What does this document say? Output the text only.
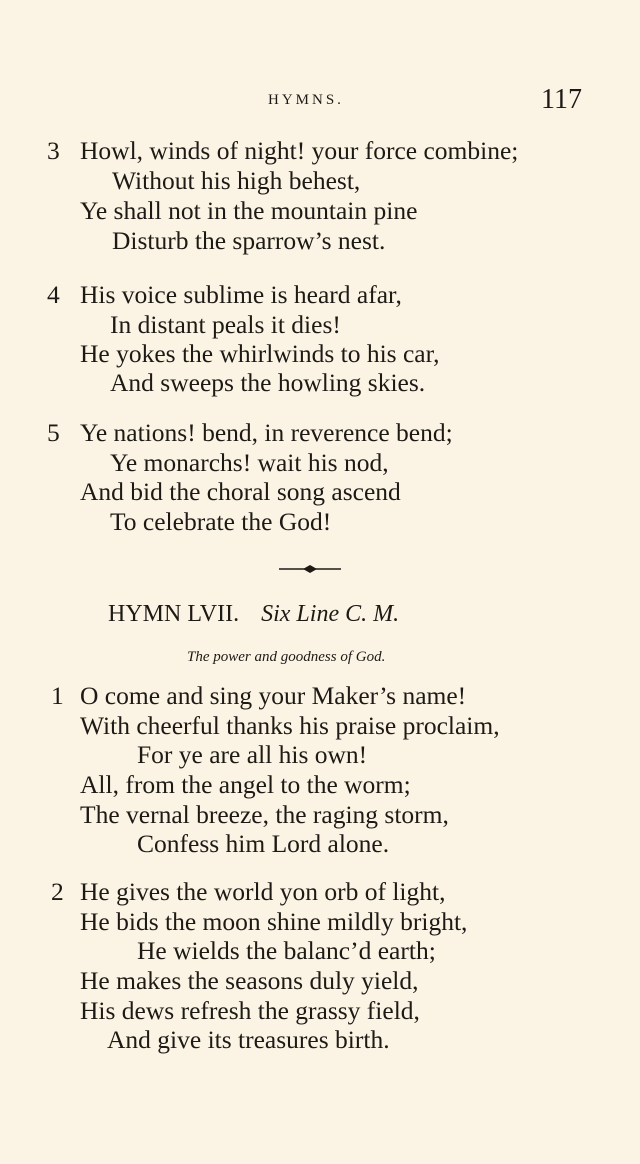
HYMNS.	117
3 Howl, winds of night! your force combine;
Without his high behest,
Ye shall not in the mountain pine
Disturb the sparrow’s nest.
4 His voice sublime is heard afar,
In distant peals it dies!
He yokes the whirlwinds to his car,
And sweeps the howling skies.
5 Ye nations! bend, in reverence bend;
Ye monarchs! wait his nod,
And bid the choral song ascend
To celebrate the God!
HYMN LVII. Six Line C. M.
The power and goodness of God.
1 O come and sing your Maker’s name!
With cheerful thanks his praise proclaim,
For ye are all his own!
All, from the angel to the worm;
The vernal breeze, the raging storm,
Confess him Lord alone.
2 He gives the world yon orb of light,
He bids the moon shine mildly bright,
He wields the balanc’d earth;
He makes the seasons duly yield,
His dews refresh the grassy field,
And give its treasures birth.
